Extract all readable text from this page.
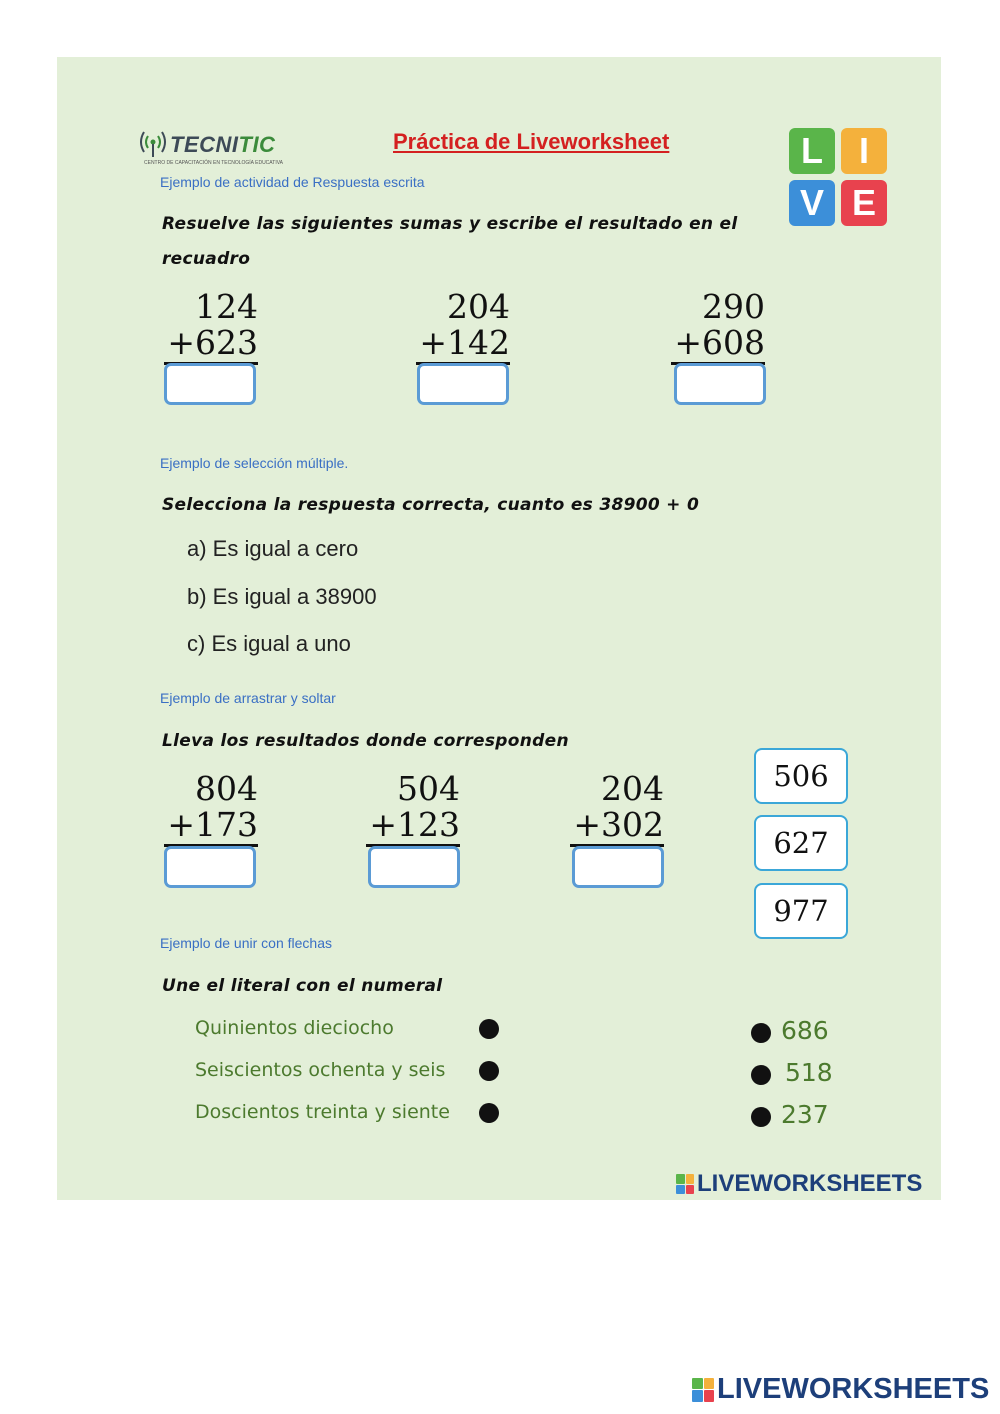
TECNITIC
CENTRO DE CAPACITACIÓN EN TECNOLOGÍA EDUCATIVA
Práctica de Liveworksheet	L I
V E
Ejemplo de actividad de Respuesta escrita
Resuelve las siguientes sumas y escribe el resultado en el
recuadro
124
+623
204
+142
290
+608
Ejemplo de selección múltiple.
Selecciona la respuesta correcta, cuanto es 38900 + 0
a) Es igual a cero
b) Es igual a 38900
c) Es igual a uno
Ejemplo de arrastrar y soltar
Lleva los resultados donde corresponden
804
+173
504
+123
204
+302
506
627
977
Ejemplo de unir con flechas
Une el literal con el numeral
Quinientos dieciocho
Seiscientos ochenta y seis
Doscientos treinta y siente
686
518
237
LIVEWORKSHEETS
LIVEWORKSHEETS
